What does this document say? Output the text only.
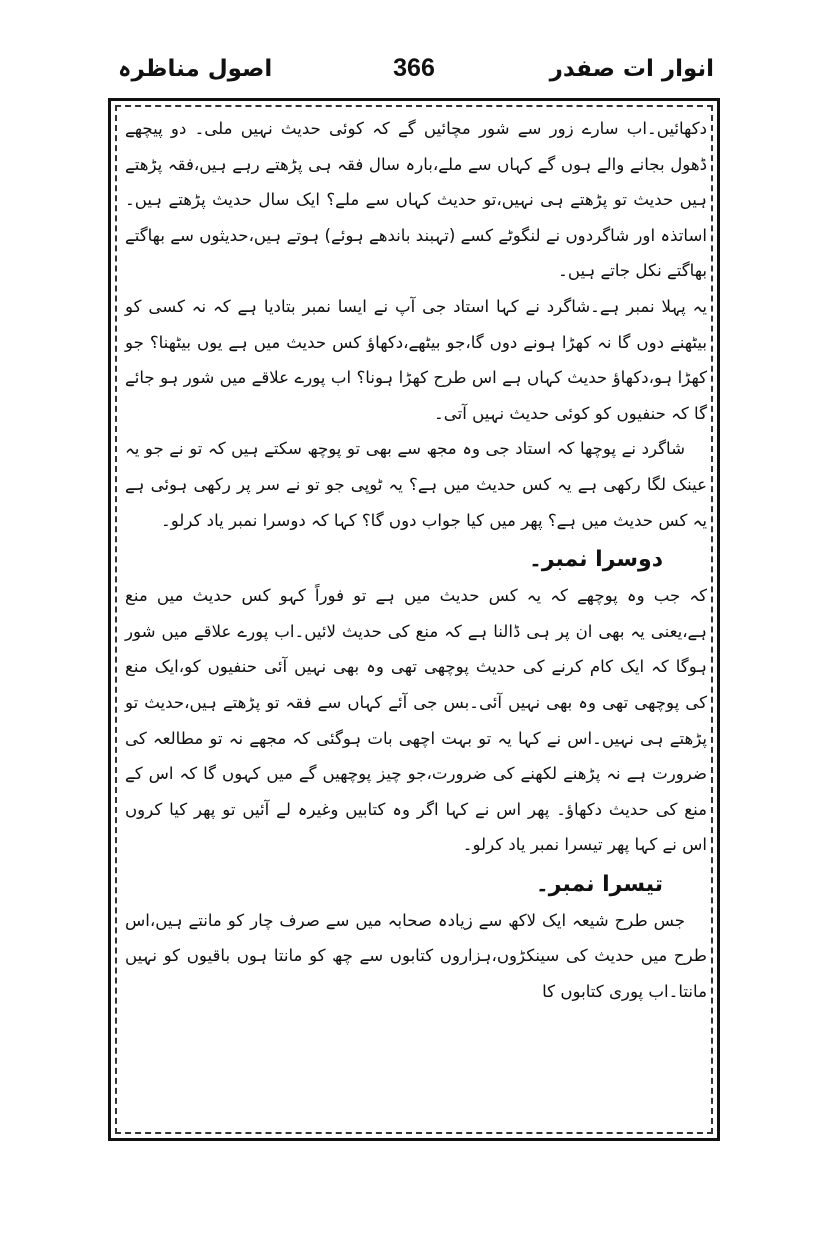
انوار ات صفدر
366
اصول مناظرہ

دکھائیں۔اب سارے زور سے شور مچائیں گے کہ کوئی حدیث نہیں ملی۔ دو پیچھے ڈھول بجانے والے ہوں گے کہاں سے ملے،بارہ سال فقہ ہی پڑھتے رہے ہیں،فقہ پڑھتے ہیں حدیث تو پڑھتے ہی نہیں،تو حدیث کہاں سے ملے؟ ایک سال حدیث پڑھتے ہیں۔اساتذہ اور شاگردوں نے لنگوٹے کسے (تہبند باندھے ہوئے) ہوتے ہیں،حدیثوں سے بھاگتے بھاگتے نکل جاتے ہیں۔

یہ پہلا نمبر ہے۔شاگرد نے کہا استاد جی آپ نے ایسا نمبر بتادیا ہے کہ نہ کسی کو بیٹھنے دوں گا نہ کھڑا ہونے دوں گا،جو بیٹھے،دکھاؤ کس حدیث میں ہے یوں بیٹھنا؟ جو کھڑا ہو،دکھاؤ حدیث کہاں ہے اس طرح کھڑا ہونا؟ اب پورے علاقے میں شور ہو جائے گا کہ حنفیوں کو کوئی حدیث نہیں آتی۔

شاگرد نے پوچھا کہ استاد جی وہ مجھ سے بھی تو پوچھ سکتے ہیں کہ تو نے جو یہ عینک لگا رکھی ہے یہ کس حدیث میں ہے؟ یہ ٹوپی جو تو نے سر پر رکھی ہوئی ہے یہ کس حدیث میں ہے؟ پھر میں کیا جواب دوں گا؟ کہا کہ دوسرا نمبر یاد کرلو۔

دوسرا نمبر۔

کہ جب وہ پوچھے کہ یہ کس حدیث میں ہے تو فوراً کہو کس حدیث میں منع ہے،یعنی یہ بھی ان پر ہی ڈالنا ہے کہ منع کی حدیث لائیں۔اب پورے علاقے میں شور ہوگا کہ ایک کام کرنے کی حدیث پوچھی تھی وہ بھی نہیں آئی حنفیوں کو،ایک منع کی پوچھی تھی وہ بھی نہیں آئی۔بس جی آئے کہاں سے فقہ تو پڑھتے ہیں،حدیث تو پڑھتے ہی نہیں۔اس نے کہا یہ تو بہت اچھی بات ہوگئی کہ مجھے نہ تو مطالعہ کی ضرورت ہے نہ پڑھنے لکھنے کی ضرورت،جو چیز پوچھیں گے میں کہوں گا کہ اس کے منع کی حدیث دکھاؤ۔ پھر اس نے کہا اگر وہ کتابیں وغیرہ لے آئیں تو پھر کیا کروں اس نے کہا پھر تیسرا نمبر یاد کرلو۔

تیسرا نمبر۔

جس طرح شیعہ ایک لاکھ سے زیادہ صحابہ میں سے صرف چار کو مانتے ہیں،اس طرح میں حدیث کی سینکڑوں،ہزاروں کتابوں سے چھ کو مانتا ہوں باقیوں کو نہیں مانتا۔اب پوری کتابوں کا
